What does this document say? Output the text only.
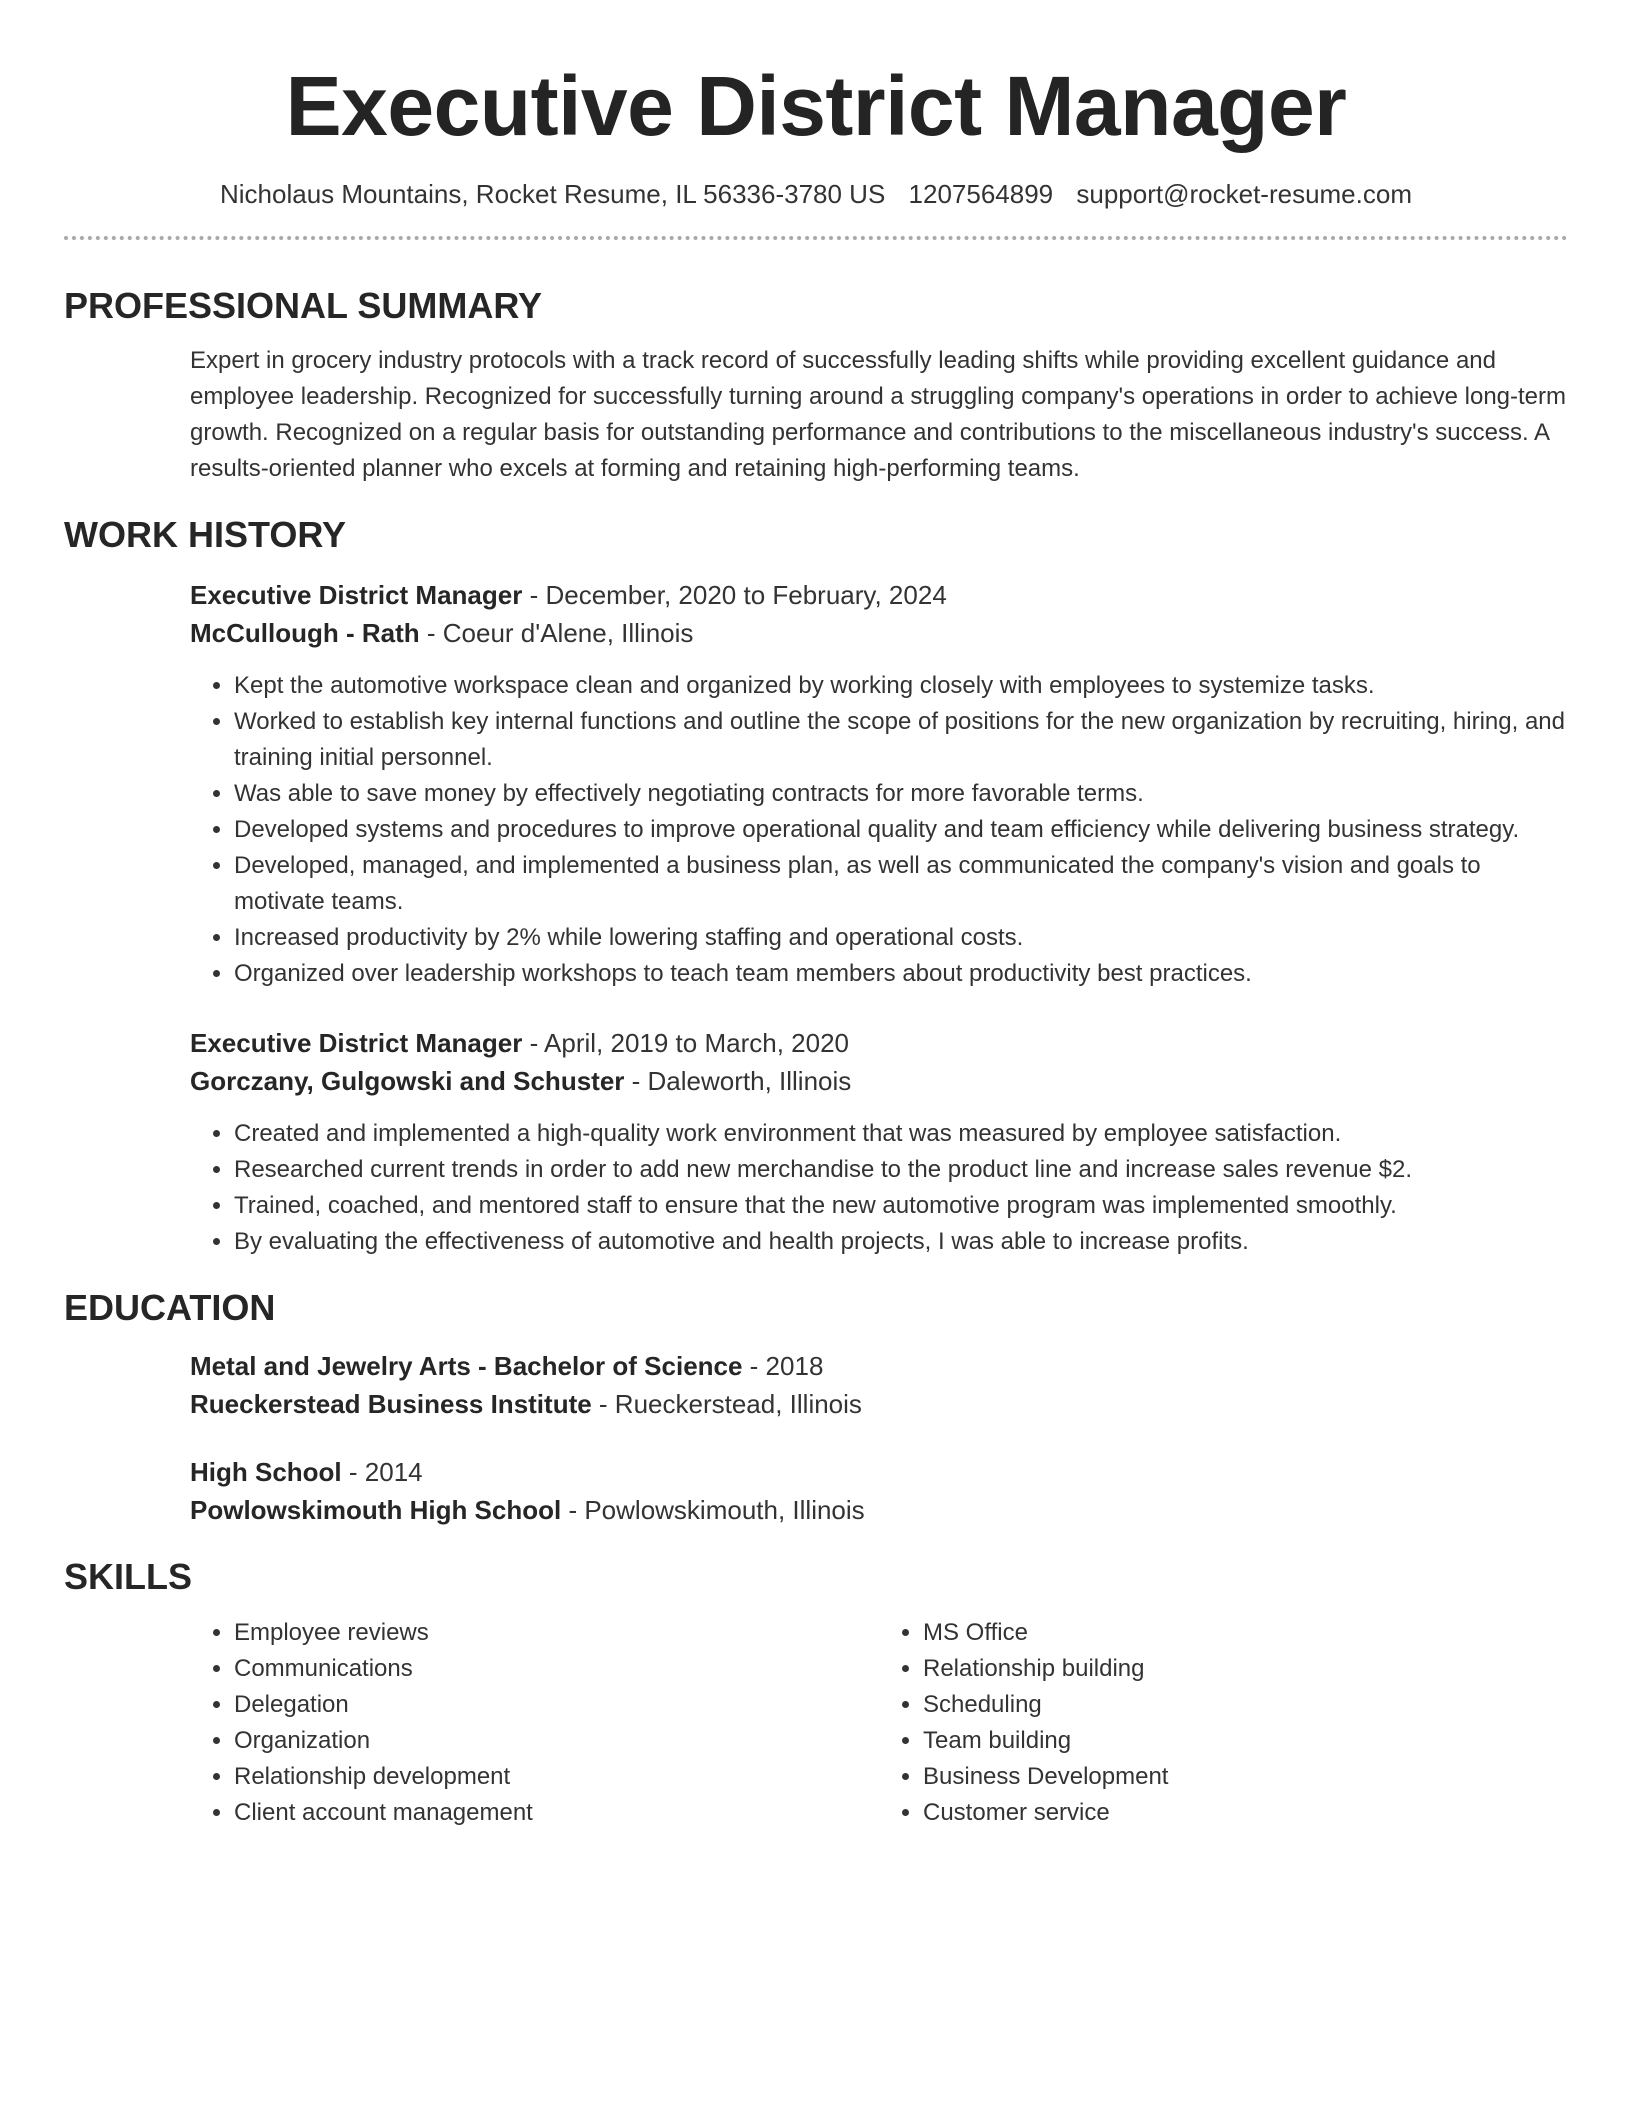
Executive District Manager
Nicholaus Mountains, Rocket Resume, IL 56336-3780 US 1207564899 support@rocket-resume.com
PROFESSIONAL SUMMARY
Expert in grocery industry protocols with a track record of successfully leading shifts while providing excellent guidance and employee leadership. Recognized for successfully turning around a struggling company's operations in order to achieve long-term growth. Recognized on a regular basis for outstanding performance and contributions to the miscellaneous industry's success. A results-oriented planner who excels at forming and retaining high-performing teams.
WORK HISTORY
Executive District Manager - December, 2020 to February, 2024
McCullough - Rath - Coeur d'Alene, Illinois
• Kept the automotive workspace clean and organized by working closely with employees to systemize tasks.
• Worked to establish key internal functions and outline the scope of positions for the new organization by recruiting, hiring, and training initial personnel.
• Was able to save money by effectively negotiating contracts for more favorable terms.
• Developed systems and procedures to improve operational quality and team efficiency while delivering business strategy.
• Developed, managed, and implemented a business plan, as well as communicated the company's vision and goals to motivate teams.
• Increased productivity by 2% while lowering staffing and operational costs.
• Organized over leadership workshops to teach team members about productivity best practices.
Executive District Manager - April, 2019 to March, 2020
Gorczany, Gulgowski and Schuster - Daleworth, Illinois
• Created and implemented a high-quality work environment that was measured by employee satisfaction.
• Researched current trends in order to add new merchandise to the product line and increase sales revenue $2.
• Trained, coached, and mentored staff to ensure that the new automotive program was implemented smoothly.
• By evaluating the effectiveness of automotive and health projects, I was able to increase profits.
EDUCATION
Metal and Jewelry Arts - Bachelor of Science - 2018
Rueckerstead Business Institute - Rueckerstead, Illinois
High School - 2014
Powlowskimouth High School - Powlowskimouth, Illinois
SKILLS
• Employee reviews
• Communications
• Delegation
• Organization
• Relationship development
• Client account management
• MS Office
• Relationship building
• Scheduling
• Team building
• Business Development
• Customer service
